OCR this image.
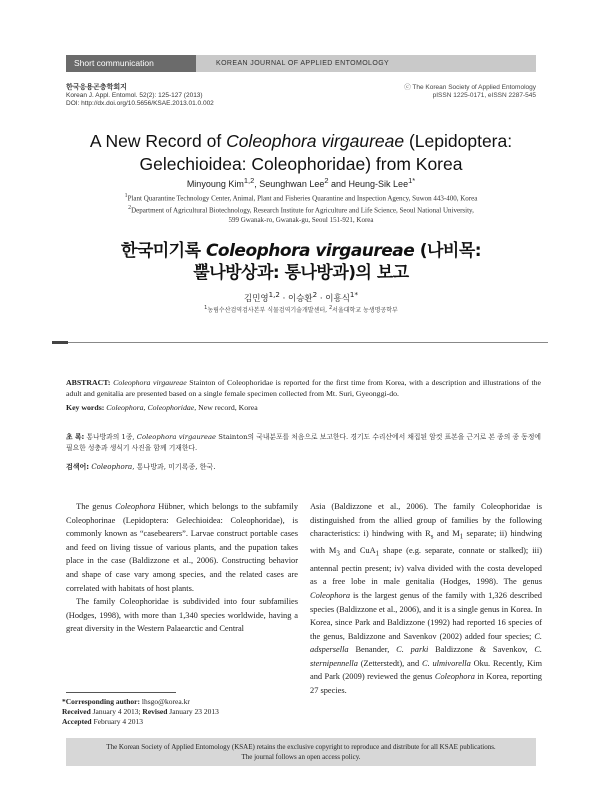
Short communication	KOREAN JOURNAL OF APPLIED ENTOMOLOGY
한국응용곤충학회지
Korean J. Appl. Entomol. 52(2): 125-127 (2013)
DOI: http://dx.doi.org/10.5656/KSAE.2013.01.0.002
ⓒ The Korean Society of Applied Entomology
pISSN 1225-0171, eISSN 2287-545
A New Record of Coleophora virgaureae (Lepidoptera:
Gelechioidea: Coleophoridae) from Korea
Minyoung Kim$^{1,2}$, Seunghwan Lee$^2$ and Heung-Sik Lee$^{1*}$
$^1$Plant Quarantine Technology Center, Animal, Plant and Fisheries Quarantine and Inspection Agency, Suwon 443-400, Korea
$^2$Department of Agricultural Biotechnology, Research Institute for Agriculture and Life Science, Seoul National University,
599 Gwanak-ro, Gwanak-gu, Seoul 151-921, Korea
한국미기록 Coleophora virgaureae (나비목:
뿔나방상과: 통나방과)의 보고
김민영$^{1,2}$ · 이승환$^2$ · 이흥식$^{1*}$
$^1$농림수산검역검사본부 식물검역기술개발센터, $^2$서울대학교 농생명공학부
ABSTRACT: Coleophora virgaureae Stainton of Coleophoridae is reported for the first time from Korea, with a description and illustrations of the adult and genitalia are presented based on a single female specimen collected from Mt. Suri, Gyeonggi-do.
Key words: Coleophora, Coleophoridae, New record, Korea
초 록: 통나방과의 1종, Coleophora virgaureae Stainton의 국내분포를 처음으로 보고한다. 경기도 수리산에서 채집된 암컷 표본을 근거로 본 종의 종 동정에 필요한 성충과 생식기 사진을 함께 기재한다.
검색어: Coleophora, 통나방과, 미기록종, 한국.

The genus Coleophora Hübner, which belongs to the subfamily Coleophorinae (Lepidoptera: Gelechioidea: Coleophoridae), is commonly known as “casebearers”. Larvae construct portable cases and feed on living tissue of various plants, and the pupation takes place in the case (Baldizzone et al., 2006). Constructing behavior and shape of case vary among species, and the related cases are correlated with habitats of host plants.

The family Coleophoridae is subdivided into four subfamilies (Hodges, 1998), with more than 1,340 species worldwide, having a great diversity in the Western Palaearctic and Central

Asia (Baldizzone et al., 2006). The family Coleophoridae is distinguished from the allied group of families by the following characteristics: i) hindwing with $R_s$ and $M_1$ separate; ii) hindwing with $M_3$ and CuA$_1$ shape (e.g. separate, connate or stalked); iii) antennal pectin present; iv) valva divided with the costa developed as a free lobe in male genitalia (Hodges, 1998). The genus Coleophora is the largest genus of the family with 1,326 described species (Baldizzone et al., 2006), and it is a single genus in Korea. In Korea, since Park and Baldizzone (1992) had reported 16 species of the genus, Baldizzone and Savenkov (2002) added four species; C. adspersella Benander, C. parki Baldizzone & Savenkov, C. sternipennella (Zetterstedt), and C. ulmivorella Oku. Recently, Kim and Park (2009) reviewed the genus Coleophora in Korea, reporting 27 species.

*Corresponding author: lhsgo@korea.kr
Received January 4 2013; Revised January 23 2013
Accepted February 4 2013
The Korean Society of Applied Entomology (KSAE) retains the exclusive copyright to reproduce and distribute for all KSAE publications.
The journal follows an open access policy.
